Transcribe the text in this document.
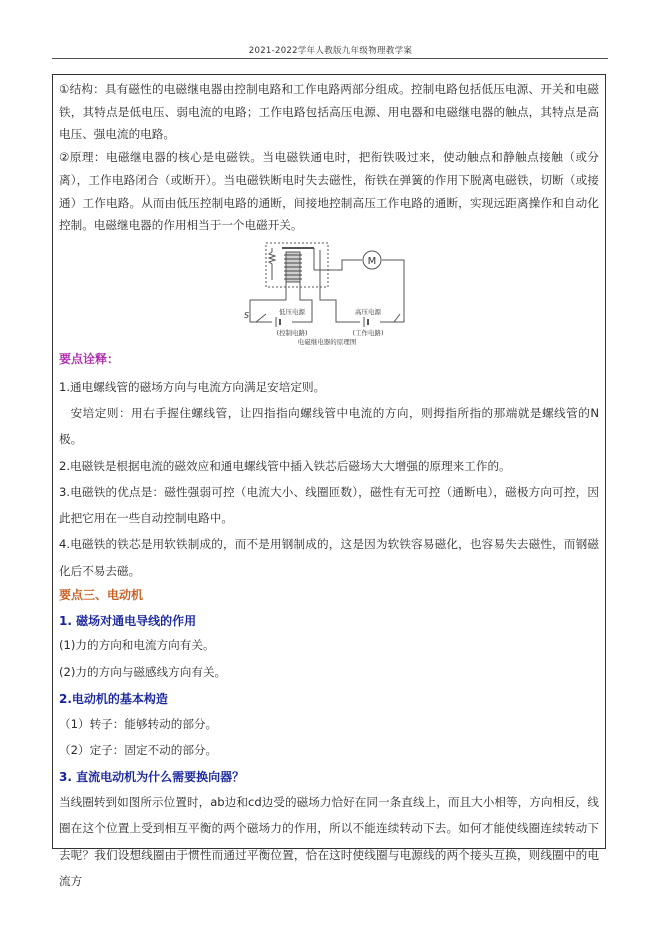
2021-2022学年人教版九年级物理教学案

①结构：具有磁性的电磁继电器由控制电路和工作电路两部分组成。控制电路包括低压电源、开关和电磁铁，其特点是低电压、弱电流的电路；工作电路包括高压电源、用电器和电磁继电器的触点，其特点是高电压、强电流的电路。

②原理：电磁继电器的核心是电磁铁。当电磁铁通电时，把衔铁吸过来，使动触点和静触点接触（或分离），工作电路闭合（或断开）。当电磁铁断电时失去磁性，衔铁在弹簧的作用下脱离电磁铁，切断（或接通）工作电路。从而由低压控制电路的通断，间接地控制高压工作电路的通断，实现远距离操作和自动化控制。电磁继电器的作用相当于一个电磁开关。

M
S	低压电源
(控制电路)
高压电源
(工作电路)
电磁继电器的原理图
要点诠释：

1.通电螺线管的磁场方向与电流方向满足安培定则。

安培定则：用右手握住螺线管，让四指指向螺线管中电流的方向，则拇指所指的那端就是螺线管的N极。

2.电磁铁是根据电流的磁效应和通电螺线管中插入铁芯后磁场大大增强的原理来工作的。

3.电磁铁的优点是：磁性强弱可控（电流大小、线圈匝数），磁性有无可控（通断电），磁极方向可控，因此把它用在一些自动控制电路中。

4.电磁铁的铁芯是用软铁制成的，而不是用钢制成的，这是因为软铁容易磁化，也容易失去磁性，而钢磁化后不易去磁。

要点三、电动机
1. 磁场对通电导线的作用

(1)力的方向和电流方向有关。

(2)力的方向与磁感线方向有关。

2.电动机的基本构造

（1）转子：能够转动的部分。

（2）定子：固定不动的部分。

3. 直流电动机为什么需要换向器？

当线圈转到如图所示位置时，ab边和cd边受的磁场力恰好在同一条直线上，而且大小相等，方向相反，线圈在这个位置上受到相互平衡的两个磁场力的作用，所以不能连续转动下去。如何才能使线圈连续转动下去呢？我们设想线圈由于惯性而通过平衡位置，恰在这时使线圈与电源线的两个接头互换，则线圈中的电流方
